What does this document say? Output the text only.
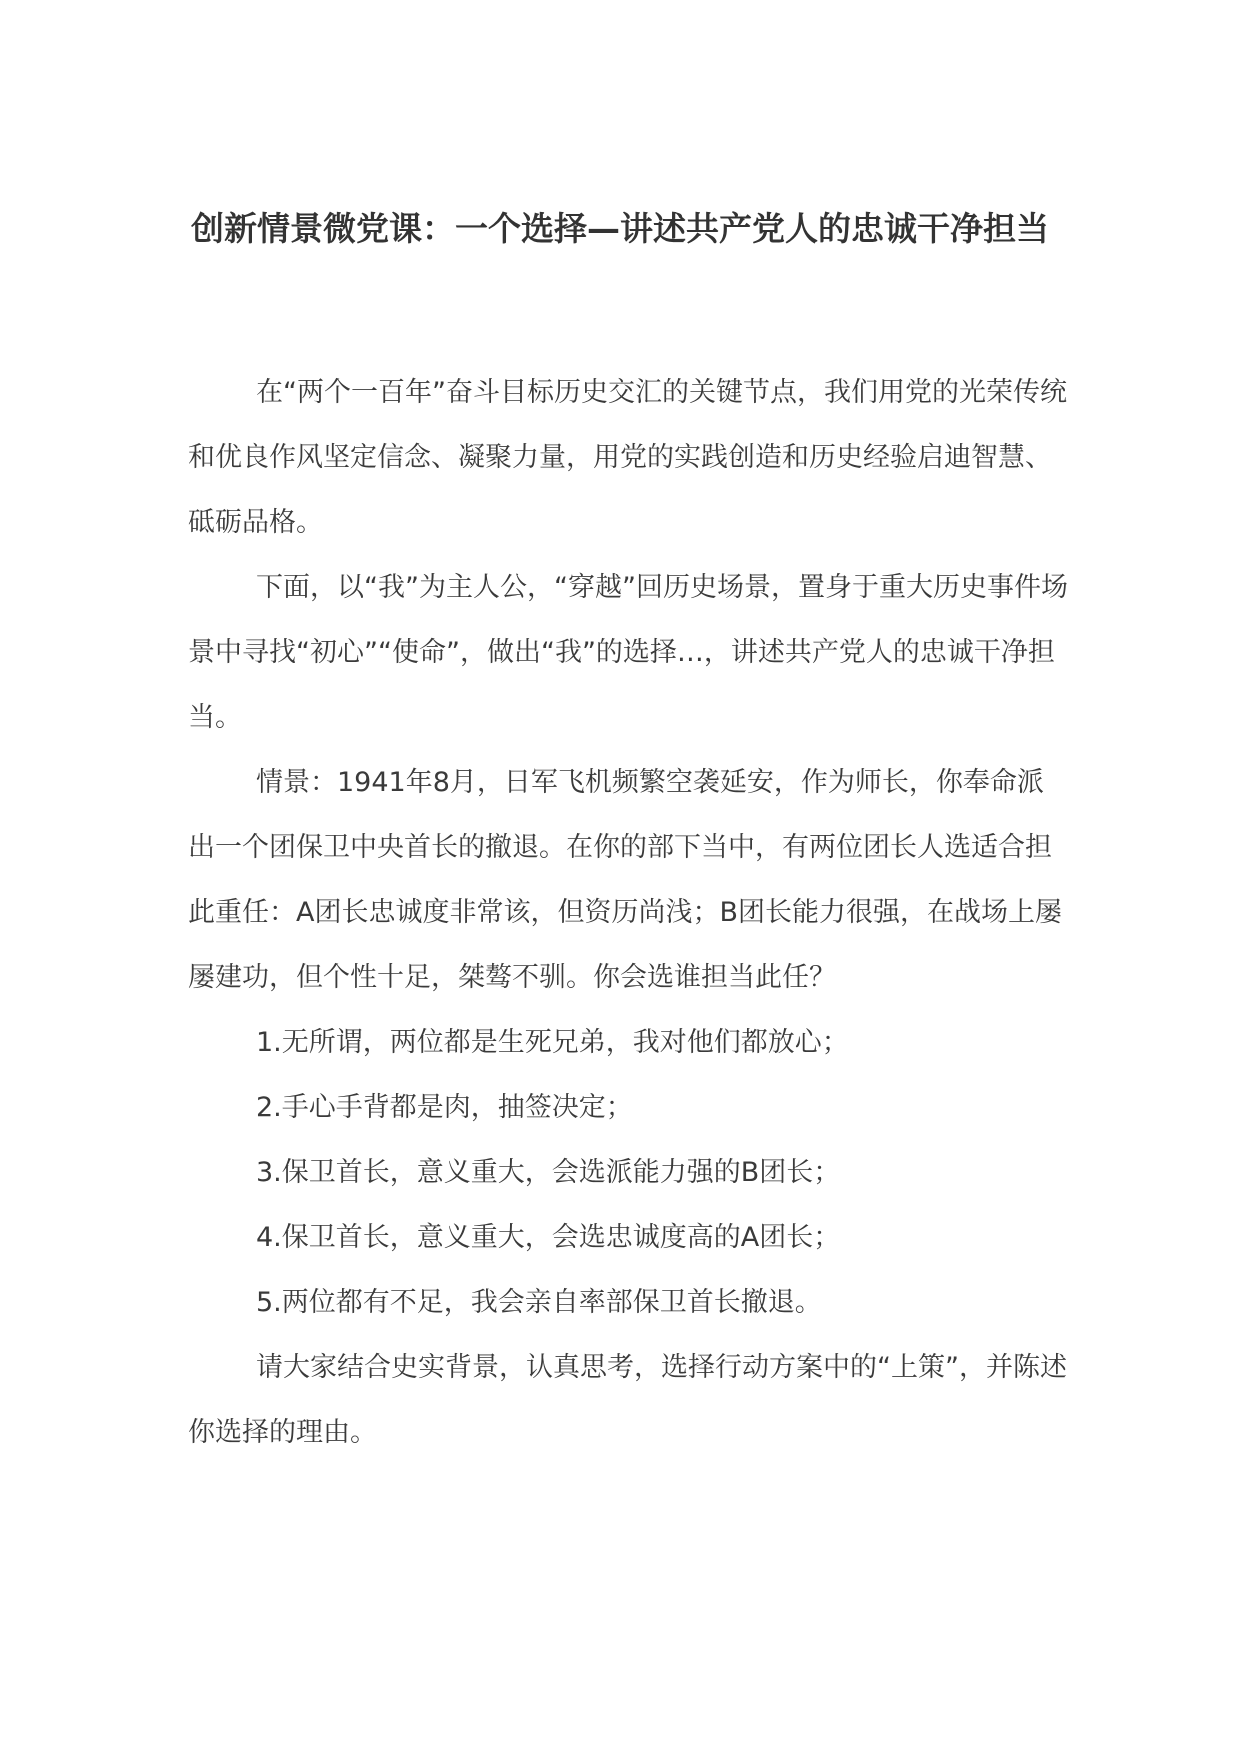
创新情景微党课：一个选择—讲述共产党人的忠诚干净担当

在“两个一百年”奋斗目标历史交汇的关键节点，我们用党的光荣传统和优良作风坚定信念、凝聚力量，用党的实践创造和历史经验启迪智慧、砥砺品格。

下面，以“我”为主人公，“穿越”回历史场景，置身于重大历史事件场景中寻找“初心”“使命”，做出“我”的选择…，讲述共产党人的忠诚干净担当。

情景：1941年8月，日军飞机频繁空袭延安，作为师长，你奉命派出一个团保卫中央首长的撤退。在你的部下当中，有两位团长人选适合担此重任：A团长忠诚度非常该，但资历尚浅；B团长能力很强，在战场上屡屡建功，但个性十足，桀骜不驯。你会选谁担当此任？

1.无所谓，两位都是生死兄弟，我对他们都放心；

2.手心手背都是肉，抽签决定；

3.保卫首长，意义重大，会选派能力强的B团长；

4.保卫首长，意义重大，会选忠诚度高的A团长；

5.两位都有不足，我会亲自率部保卫首长撤退。

请大家结合史实背景，认真思考，选择行动方案中的“上策”，并陈述你选择的理由。
